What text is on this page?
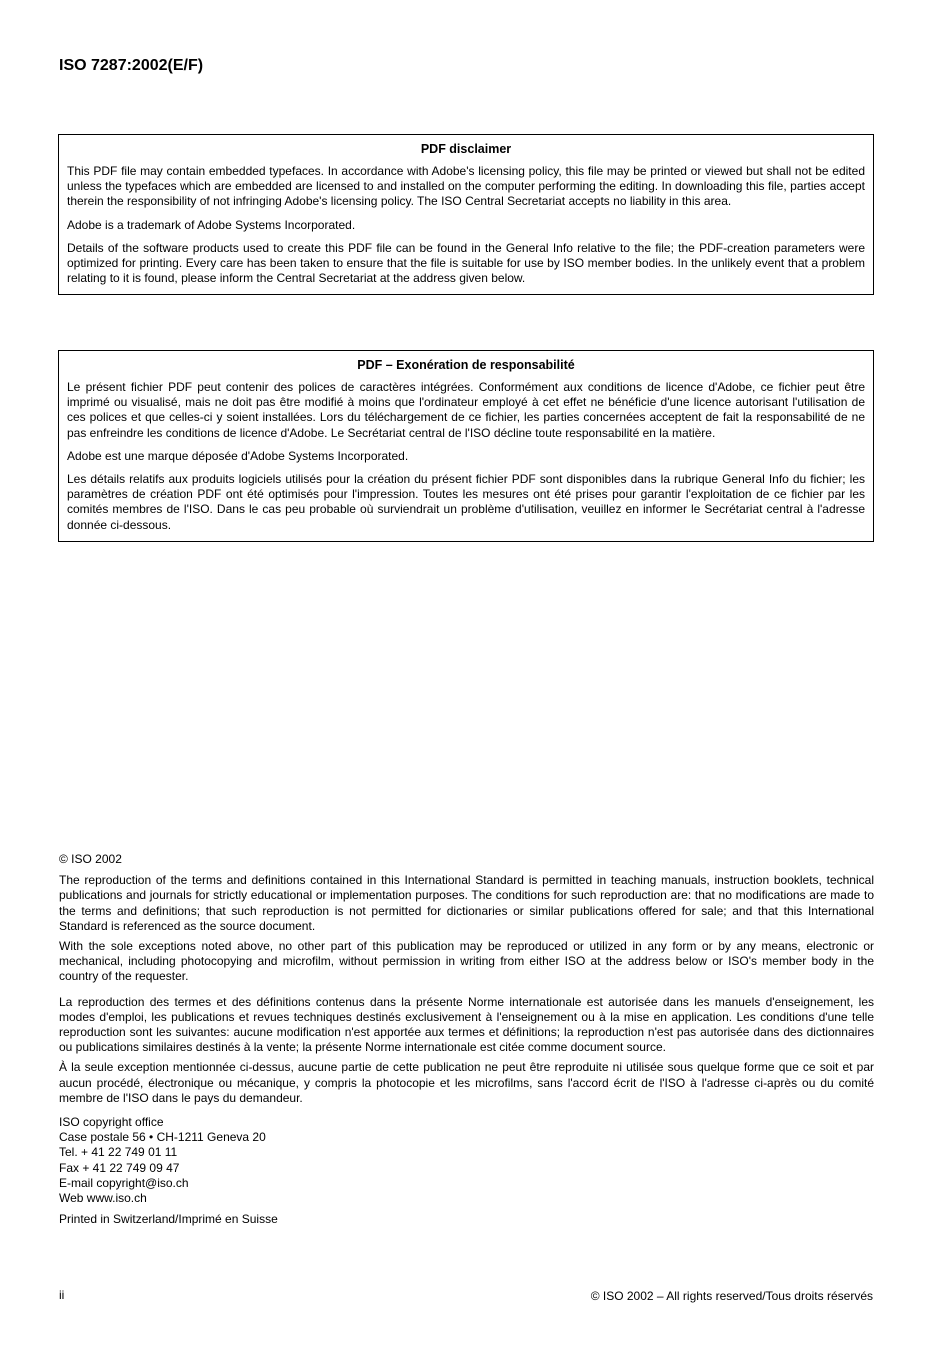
ISO 7287:2002(E/F)
PDF disclaimer

This PDF file may contain embedded typefaces. In accordance with Adobe's licensing policy, this file may be printed or viewed but shall not be edited unless the typefaces which are embedded are licensed to and installed on the computer performing the editing. In downloading this file, parties accept therein the responsibility of not infringing Adobe's licensing policy. The ISO Central Secretariat accepts no liability in this area.

Adobe is a trademark of Adobe Systems Incorporated.

Details of the software products used to create this PDF file can be found in the General Info relative to the file; the PDF-creation parameters were optimized for printing. Every care has been taken to ensure that the file is suitable for use by ISO member bodies. In the unlikely event that a problem relating to it is found, please inform the Central Secretariat at the address given below.

PDF – Exonération de responsabilité

Le présent fichier PDF peut contenir des polices de caractères intégrées. Conformément aux conditions de licence d'Adobe, ce fichier peut être imprimé ou visualisé, mais ne doit pas être modifié à moins que l'ordinateur employé à cet effet ne bénéficie d'une licence autorisant l'utilisation de ces polices et que celles-ci y soient installées. Lors du téléchargement de ce fichier, les parties concernées acceptent de fait la responsabilité de ne pas enfreindre les conditions de licence d'Adobe. Le Secrétariat central de l'ISO décline toute responsabilité en la matière.

Adobe est une marque déposée d'Adobe Systems Incorporated.

Les détails relatifs aux produits logiciels utilisés pour la création du présent fichier PDF sont disponibles dans la rubrique General Info du fichier; les paramètres de création PDF ont été optimisés pour l'impression. Toutes les mesures ont été prises pour garantir l'exploitation de ce fichier par les comités membres de l'ISO. Dans le cas peu probable où surviendrait un problème d'utilisation, veuillez en informer le Secrétariat central à l'adresse donnée ci-dessous.

© ISO 2002

The reproduction of the terms and definitions contained in this International Standard is permitted in teaching manuals, instruction booklets, technical publications and journals for strictly educational or implementation purposes. The conditions for such reproduction are: that no modifications are made to the terms and definitions; that such reproduction is not permitted for dictionaries or similar publications offered for sale; and that this International Standard is referenced as the source document.

With the sole exceptions noted above, no other part of this publication may be reproduced or utilized in any form or by any means, electronic or mechanical, including photocopying and microfilm, without permission in writing from either ISO at the address below or ISO's member body in the country of the requester.

La reproduction des termes et des définitions contenus dans la présente Norme internationale est autorisée dans les manuels d'enseignement, les modes d'emploi, les publications et revues techniques destinés exclusivement à l'enseignement ou à la mise en application. Les conditions d'une telle reproduction sont les suivantes: aucune modification n'est apportée aux termes et définitions; la reproduction n'est pas autorisée dans des dictionnaires ou publications similaires destinés à la vente; la présente Norme internationale est citée comme document source.

À la seule exception mentionnée ci-dessus, aucune partie de cette publication ne peut être reproduite ni utilisée sous quelque forme que ce soit et par aucun procédé, électronique ou mécanique, y compris la photocopie et les microfilms, sans l'accord écrit de l'ISO à l'adresse ci-après ou du comité membre de l'ISO dans le pays du demandeur.

ISO copyright office
Case postale 56 • CH-1211 Geneva 20
Tel. + 41 22 749 01 11
Fax + 41 22 749 09 47
E-mail copyright@iso.ch
Web www.iso.ch
Printed in Switzerland/Imprimé en Suisse
ii	© ISO 2002 – All rights reserved/Tous droits réservés
